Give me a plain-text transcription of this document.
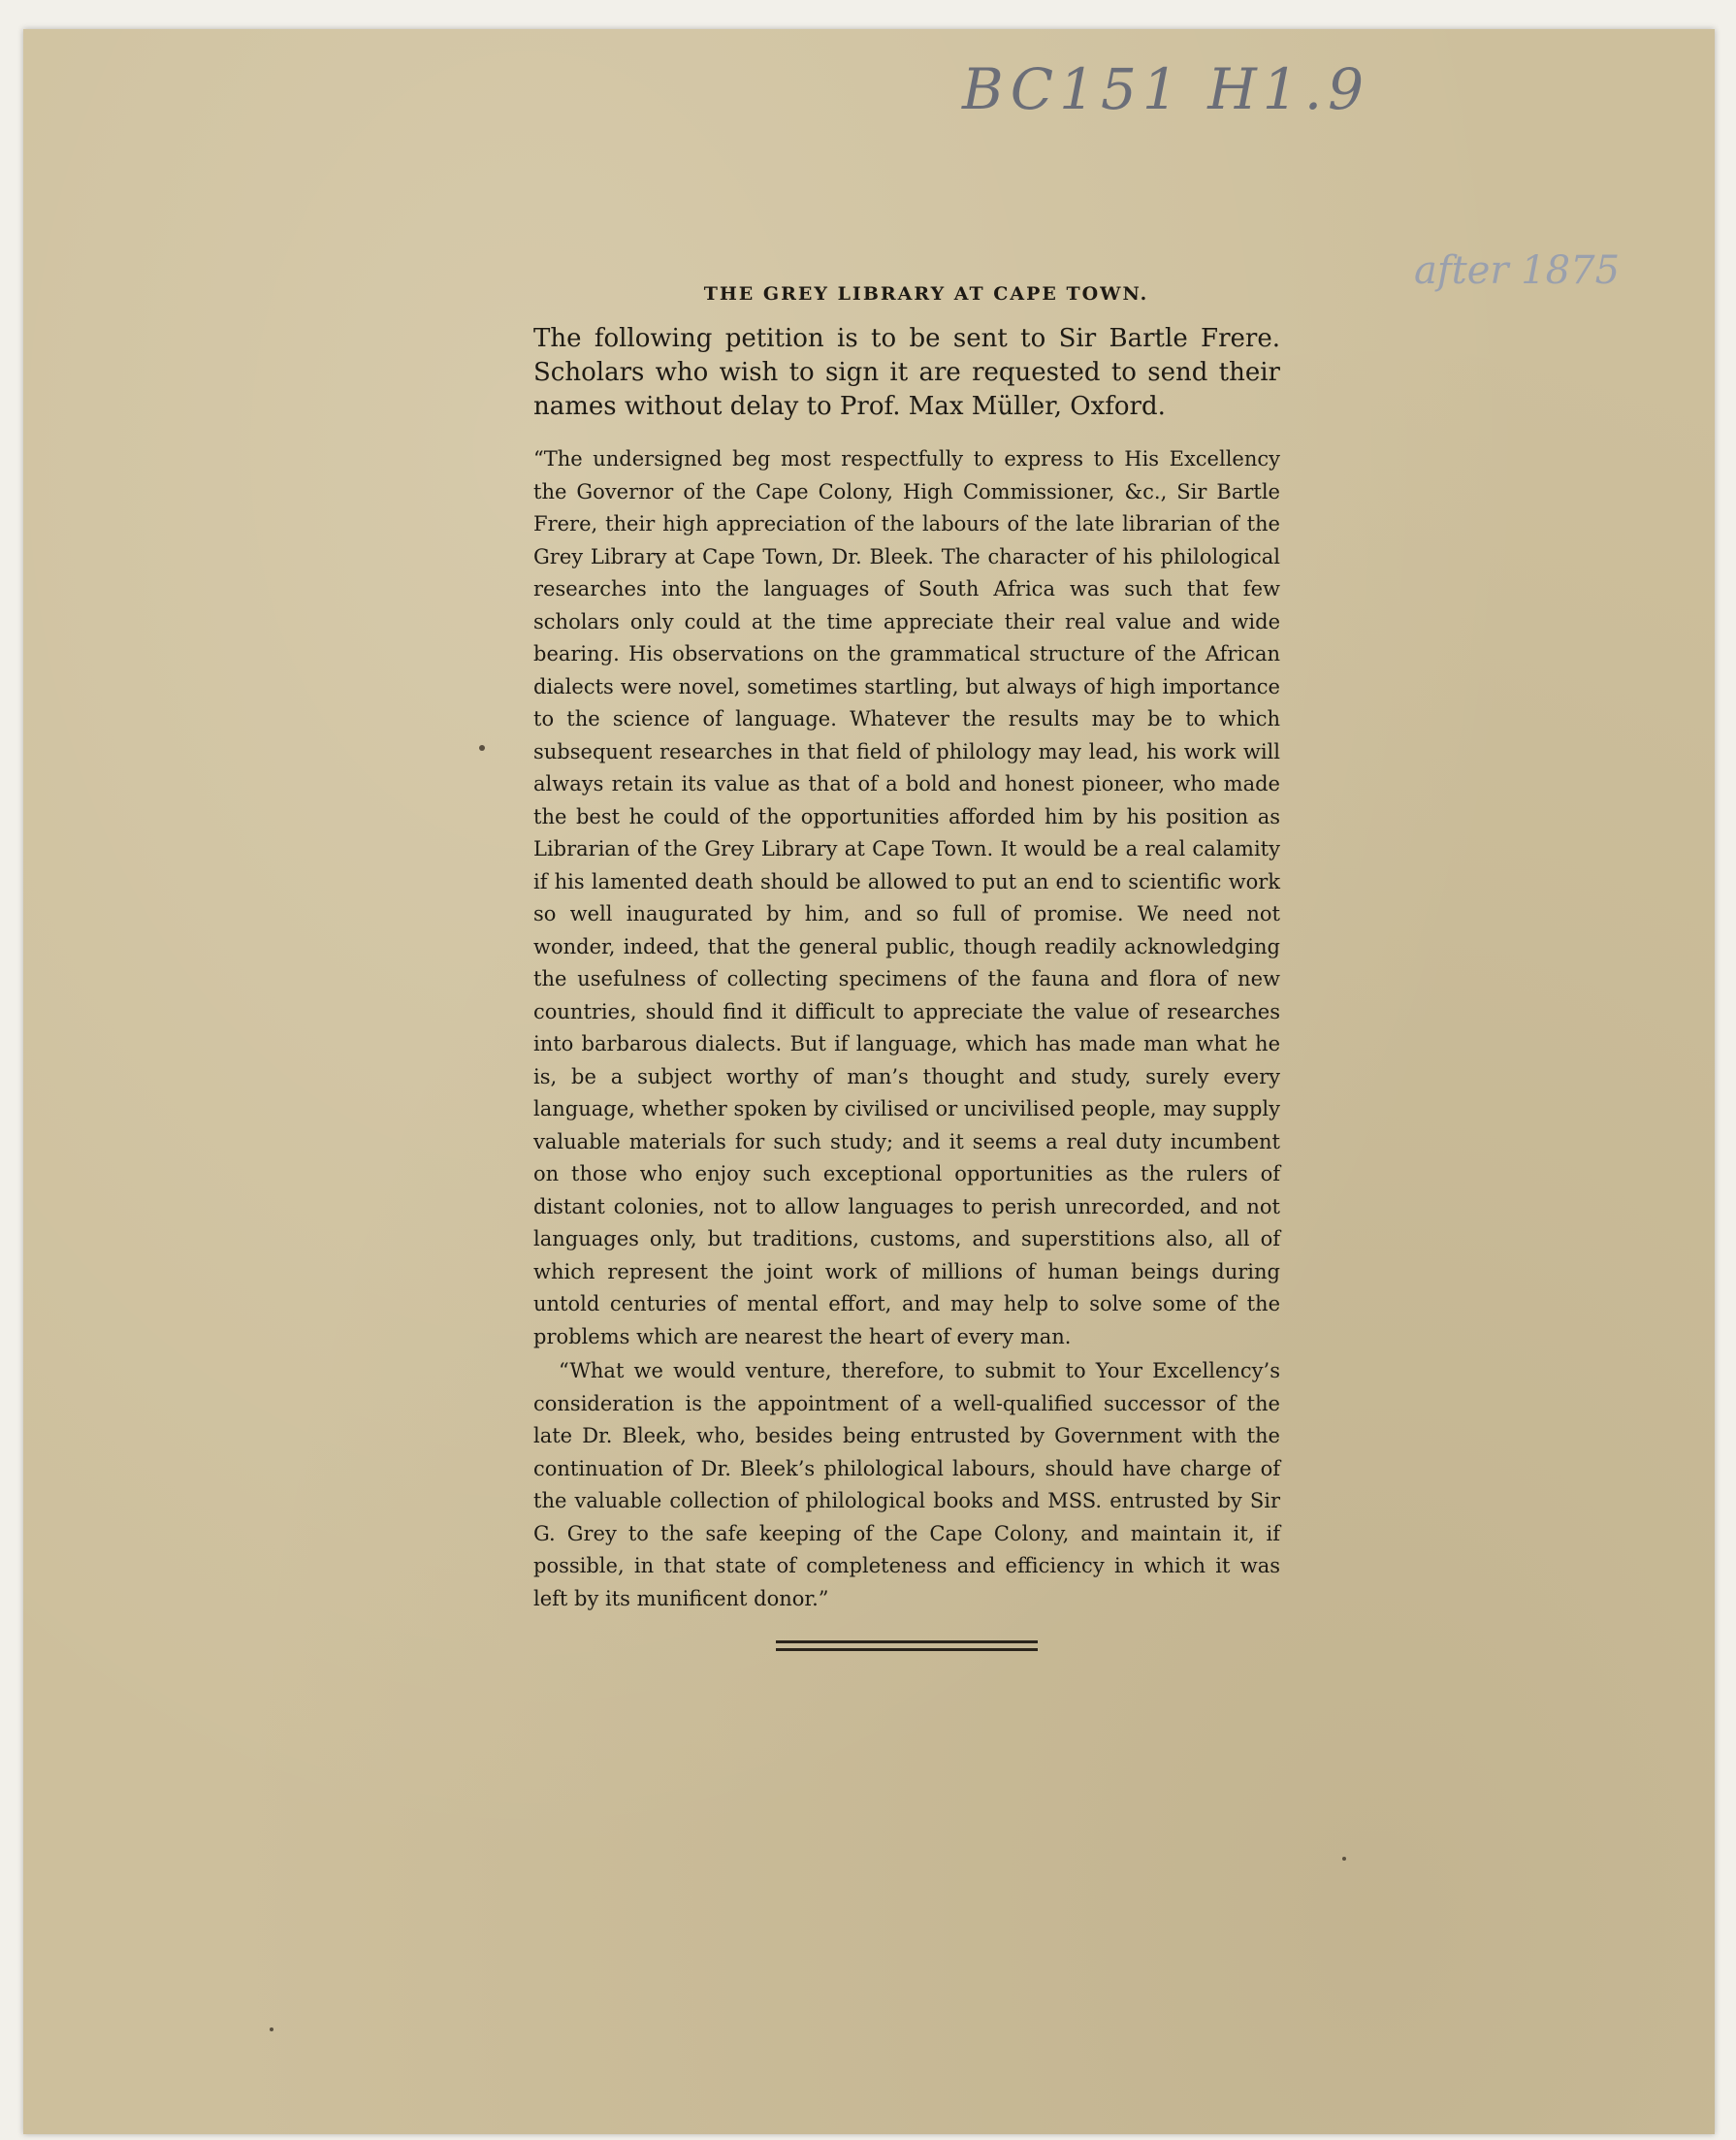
BC151 H1.9
after 1875
THE GREY LIBRARY AT CAPE TOWN.

The following petition is to be sent to Sir Bartle Frere. Scholars who wish to sign it are requested to send their names without delay to Prof. Max Müller, Oxford.

“The undersigned beg most respectfully to express to His Excellency the Governor of the Cape Colony, High Commissioner, &c., Sir Bartle Frere, their high appreciation of the labours of the late librarian of the Grey Library at Cape Town, Dr. Bleek. The character of his philological researches into the languages of South Africa was such that few scholars only could at the time appreciate their real value and wide bearing. His observations on the grammatical structure of the African dialects were novel, sometimes startling, but always of high importance to the science of language. Whatever the results may be to which subsequent researches in that field of philology may lead, his work will always retain its value as that of a bold and honest pioneer, who made the best he could of the opportunities afforded him by his position as Librarian of the Grey Library at Cape Town. It would be a real calamity if his lamented death should be allowed to put an end to scientific work so well inaugurated by him, and so full of promise. We need not wonder, indeed, that the general public, though readily acknowledging the usefulness of collecting specimens of the fauna and flora of new countries, should find it difficult to appreciate the value of researches into barbarous dialects. But if language, which has made man what he is, be a subject worthy of man’s thought and study, surely every language, whether spoken by civilised or uncivilised people, may supply valuable materials for such study; and it seems a real duty incumbent on those who enjoy such exceptional opportunities as the rulers of distant colonies, not to allow languages to perish unrecorded, and not languages only, but traditions, customs, and superstitions also, all of which represent the joint work of millions of human beings during untold centuries of mental effort, and may help to solve some of the problems which are nearest the heart of every man.

“What we would venture, therefore, to submit to Your Excellency’s consideration is the appointment of a well-qualified successor of the late Dr. Bleek, who, besides being entrusted by Government with the continuation of Dr. Bleek’s philological labours, should have charge of the valuable collection of philological books and MSS. entrusted by Sir G. Grey to the safe keeping of the Cape Colony, and maintain it, if possible, in that state of completeness and efficiency in which it was left by its munificent donor.”
